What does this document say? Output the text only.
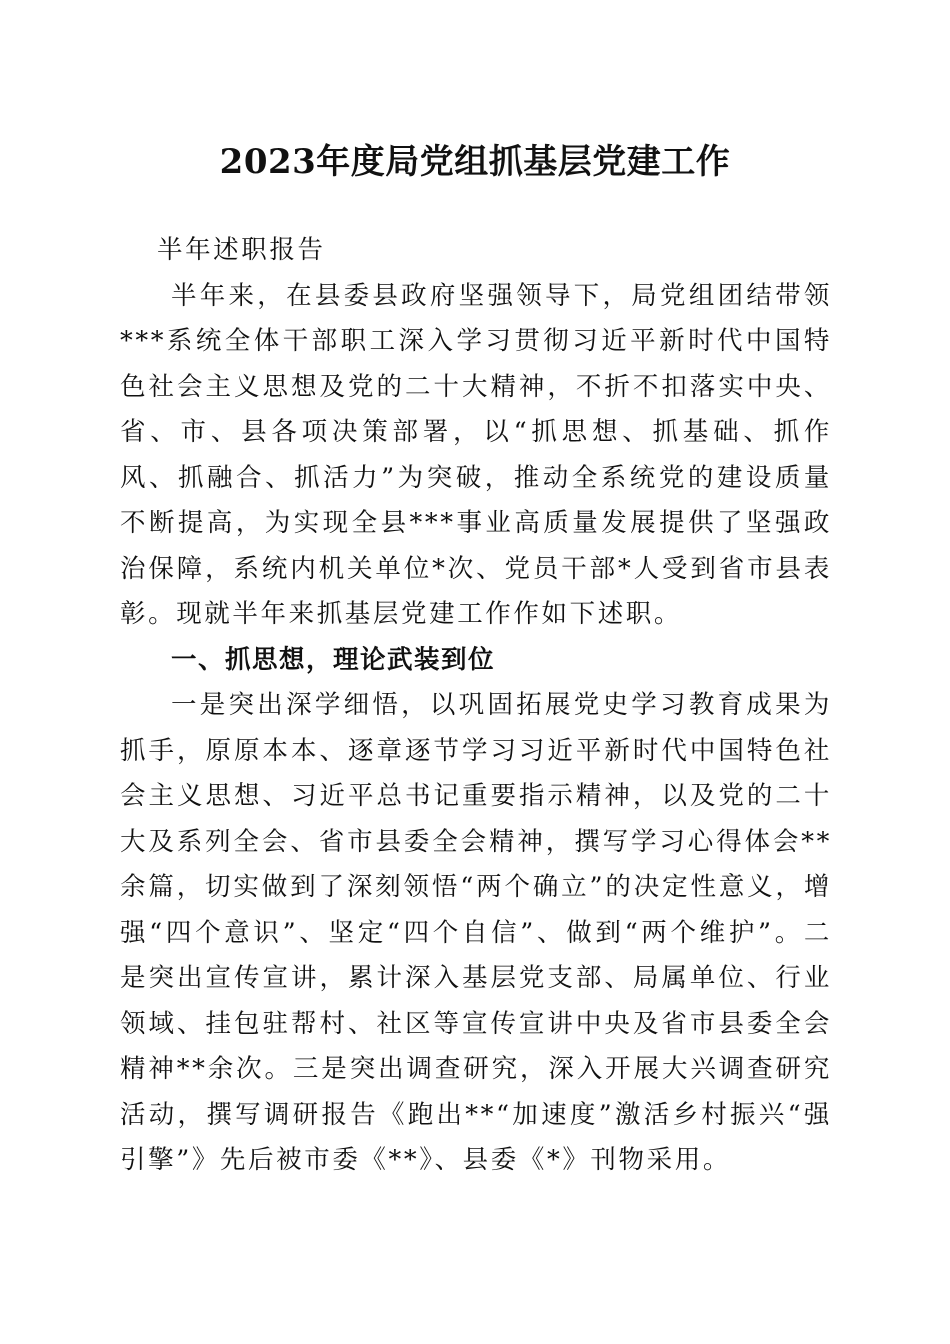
2023年度局党组抓基层党建工作

半年述职报告

半年来，在县委县政府坚强领导下，局党组团结带领***系统全体干部职工深入学习贯彻习近平新时代中国特色社会主义思想及党的二十大精神，不折不扣落实中央、省、市、县各项决策部署，以“抓思想、抓基础、抓作风、抓融合、抓活力”为突破，推动全系统党的建设质量不断提高，为实现全县***事业高质量发展提供了坚强政治保障，系统内机关单位*次、党员干部*人受到省市县表彰。现就半年来抓基层党建工作作如下述职。

一、抓思想，理论武装到位

一是突出深学细悟，以巩固拓展党史学习教育成果为抓手，原原本本、逐章逐节学习习近平新时代中国特色社会主义思想、习近平总书记重要指示精神，以及党的二十大及系列全会、省市县委全会精神，撰写学习心得体会**余篇，切实做到了深刻领悟“两个确立”的决定性意义，增强“四个意识”、坚定“四个自信”、做到“两个维护”。二是突出宣传宣讲，累计深入基层党支部、局属单位、行业领域、挂包驻帮村、社区等宣传宣讲中央及省市县委全会精神**余次。三是突出调查研究，深入开展大兴调查研究活动，撰写调研报告《跑出**“加速度”激活乡村振兴“强引擎”》先后被市委《**》、县委《*》刊物采用。
